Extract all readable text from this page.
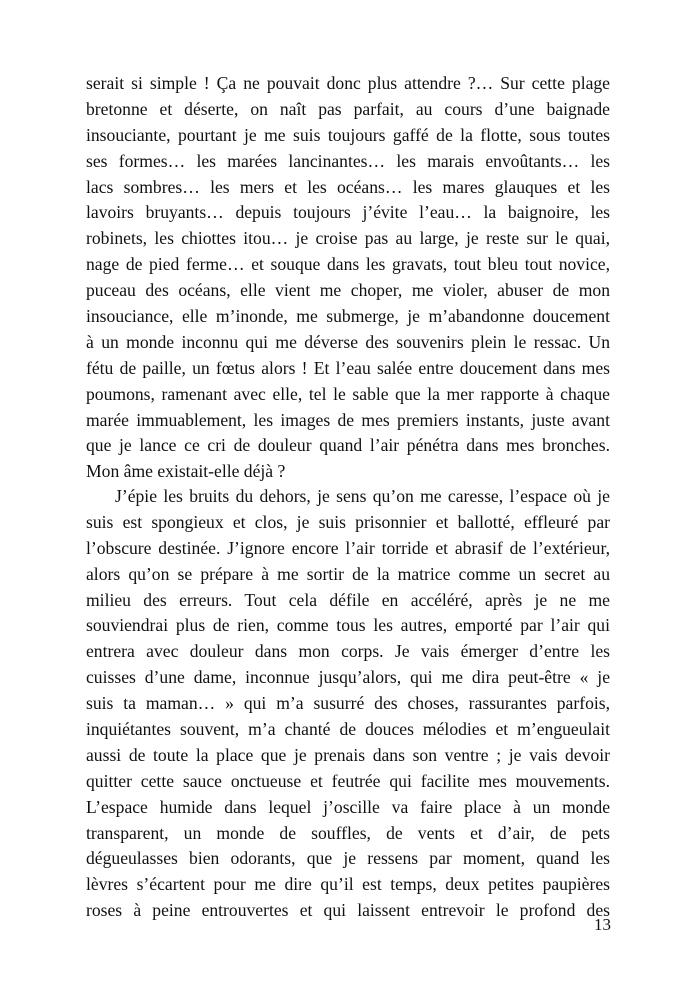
serait si simple ! Ça ne pouvait donc plus attendre ?… Sur cette plage
bretonne et déserte, on naît pas parfait, au cours d’une baignade
insouciante, pourtant je me suis toujours gaffé de la flotte, sous toutes
ses formes… les marées lancinantes… les marais envoûtants… les
lacs sombres… les mers et les océans… les mares glauques et les
lavoirs bruyants… depuis toujours j’évite l’eau… la baignoire, les
robinets, les chiottes itou… je croise pas au large, je reste sur le quai,
nage de pied ferme… et souque dans les gravats, tout bleu tout novice,
puceau des océans, elle vient me choper, me violer, abuser de mon
insouciance, elle m’inonde, me submerge, je m’abandonne doucement
à un monde inconnu qui me déverse des souvenirs plein le ressac. Un
fétu de paille, un fœtus alors ! Et l’eau salée entre doucement dans mes
poumons, ramenant avec elle, tel le sable que la mer rapporte à chaque
marée immuablement, les images de mes premiers instants, juste avant
que je lance ce cri de douleur quand l’air pénétra dans mes bronches.
Mon âme existait-elle déjà ?
J’épie les bruits du dehors, je sens qu’on me caresse, l’espace où je
suis est spongieux et clos, je suis prisonnier et ballotté, effleuré par
l’obscure destinée. J’ignore encore l’air torride et abrasif de l’extérieur,
alors qu’on se prépare à me sortir de la matrice comme un secret au
milieu des erreurs. Tout cela défile en accéléré, après je ne me
souviendrai plus de rien, comme tous les autres, emporté par l’air qui
entrera avec douleur dans mon corps. Je vais émerger d’entre les
cuisses d’une dame, inconnue jusqu’alors, qui me dira peut-être « je
suis ta maman… » qui m’a susurré des choses, rassurantes parfois,
inquiétantes souvent, m’a chanté de douces mélodies et m’engueulait
aussi de toute la place que je prenais dans son ventre ; je vais devoir
quitter cette sauce onctueuse et feutrée qui facilite mes mouvements.
L’espace humide dans lequel j’oscille va faire place à un monde
transparent, un monde de souffles, de vents et d’air, de pets
dégueulasses bien odorants, que je ressens par moment, quand les
lèvres s’écartent pour me dire qu’il est temps, deux petites paupières
roses à peine entrouvertes et qui laissent entrevoir le profond des
13
